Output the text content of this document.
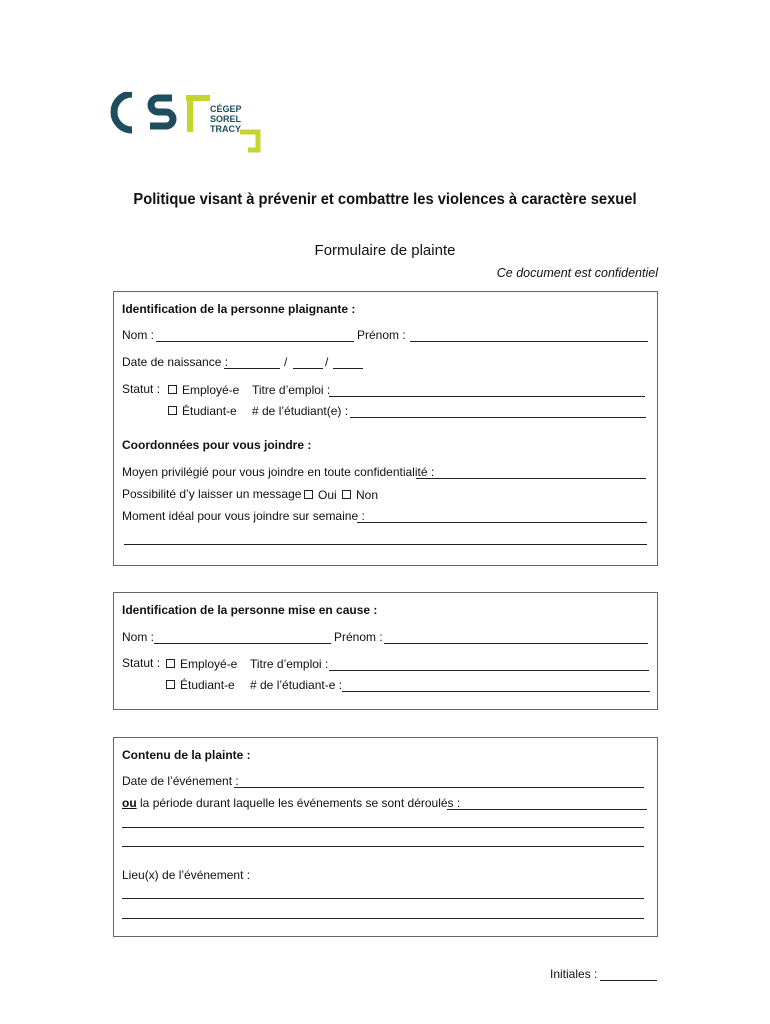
CÉGEP
SOREL
TRACY
Politique visant à prévenir et combattre les violences à caractère sexuel
Formulaire de plainte
Ce document est confidentiel
Identification de la personne plaignante :
Nom :	Prénom :
Date de naissance :	/	/
Statut :	Employé-e Titre d’emploi :
Étudiant-e # de l’étudiant(e) :
Coordonnées pour vous joindre :
Moyen privilégié pour vous joindre en toute confidentialité :
Possibilité d’y laisser un message	Oui	Non
Moment idéal pour vous joindre sur semaine :
Identification de la personne mise en cause :
Nom :	Prénom :
Statut :	Employé-e Titre d’emploi :
Étudiant-e # de l’étudiant-e :
Contenu de la plainte :
Date de l’événement :
ou la période durant laquelle les événements se sont déroulés :
Lieu(x) de l’événement :
Initiales :
